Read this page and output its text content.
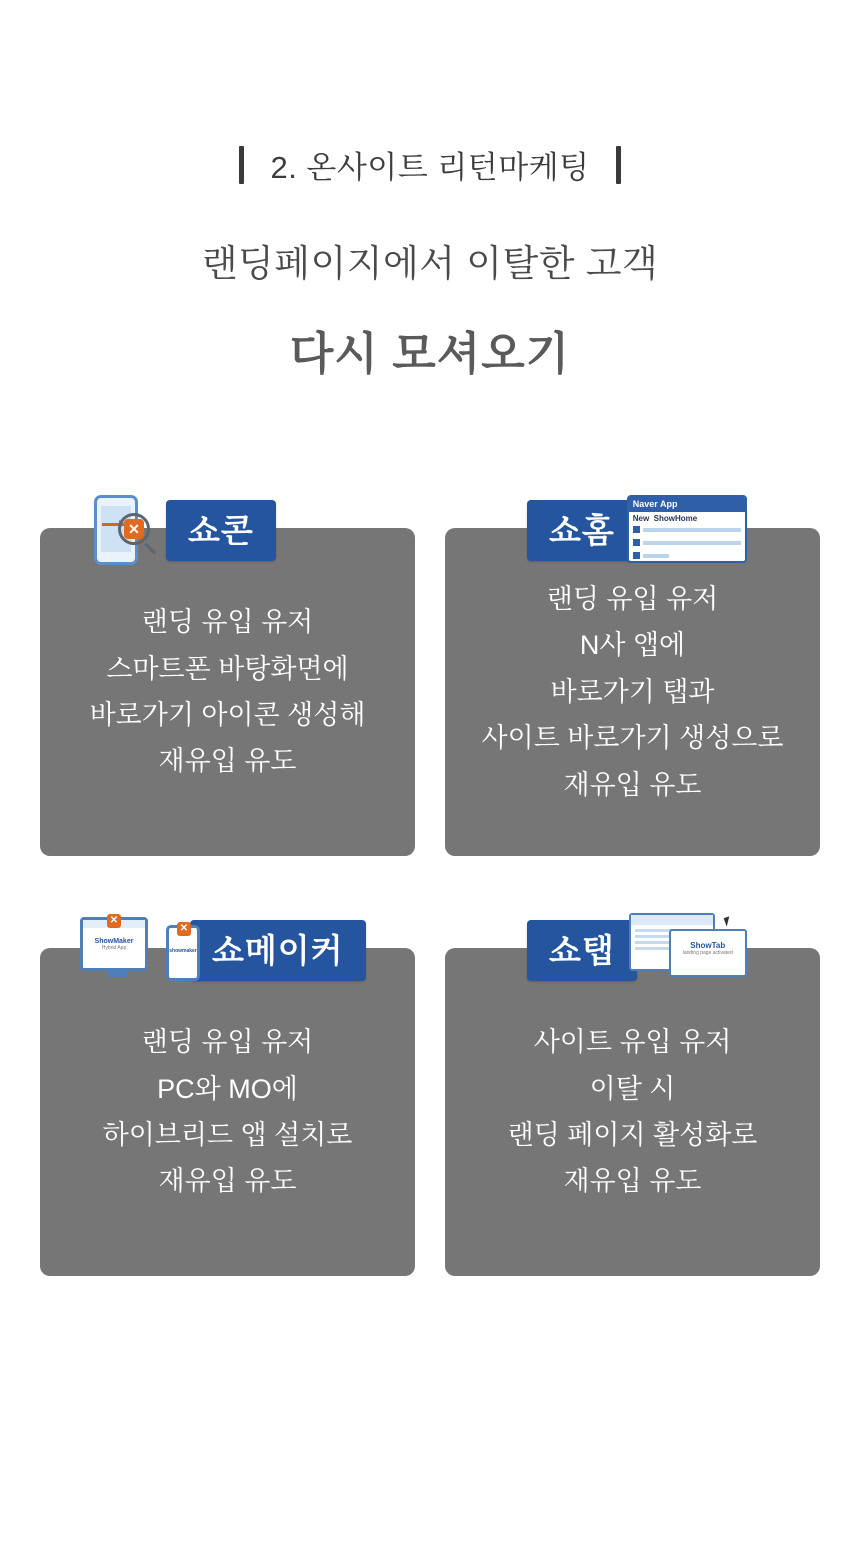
2. 온사이트 리턴마케팅
랜딩페이지에서 이탈한 고객
다시 모셔오기
✕	쇼콘
랜딩 유입 유저
스마트폰 바탕화면에
바로가기 아이콘 생성해
재유입 유도
쇼홈
Naver App
New ShowHome
랜딩 유입 유저
N사 앱에
바로가기 탭과
사이트 바로가기 생성으로
재유입 유도
ShowMaker
Hybrid App
✕
showmaker
✕
쇼메이커
랜딩 유입 유저
PC와 MO에
하이브리드 앱 설치로
재유입 유도
쇼탭	ShowTab
landing page activated
사이트 유입 유저
이탈 시
랜딩 페이지 활성화로
재유입 유도
